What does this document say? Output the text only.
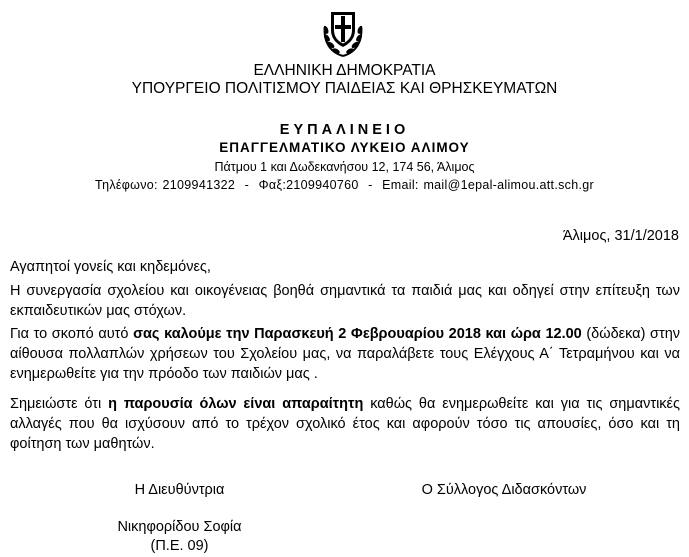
ΕΛΛΗΝΙΚΗ ΔΗΜΟΚΡΑΤΙΑ
ΥΠΟΥΡΓΕΙΟ ΠΟΛΙΤΙΣΜΟΥ ΠΑΙΔΕΙΑΣ ΚΑΙ ΘΡΗΣΚΕΥΜΑΤΩΝ
ΕΥΠΑΛΙΝΕΙΟ
ΕΠΑΓΓΕΛΜΑΤΙΚΟ ΛΥΚΕΙΟ ΑΛΙΜΟΥ
Πάτμου 1 και Δωδεκανήσου 12, 174 56, Άλιμος
Τηλέφωνο: 2109941322  -  Φαξ:2109940760  -  Email: mail@1epal-alimou.att.sch.gr
Άλιμος, 31/1/2018
Αγαπητοί γονείς και κηδεμόνες,
Η συνεργασία σχολείου και οικογένειας βοηθά σημαντικά τα παιδιά μας και οδηγεί στην επίτευξη των εκπαιδευτικών μας στόχων.
Για το σκοπό αυτό σας καλούμε την Παρασκευή 2 Φεβρουαρίου 2018 και ώρα 12.00 (δώδεκα) στην αίθουσα πολλαπλών χρήσεων του Σχολείου μας, να παραλάβετε τους Ελέγχους Α΄ Τετραμήνου και να ενημερωθείτε για την πρόοδο των παιδιών μας .
Σημειώστε ότι η παρουσία όλων είναι απαραίτητη καθώς θα ενημερωθείτε και για τις σημαντικές αλλαγές που θα ισχύσουν από το τρέχον σχολικό έτος και αφορούν τόσο τις απουσίες, όσο και τη φοίτηση των μαθητών.
Η Διευθύντρια	Ο Σύλλογος Διδασκόντων
Νικηφορίδου Σοφία
(Π.Ε. 09)
